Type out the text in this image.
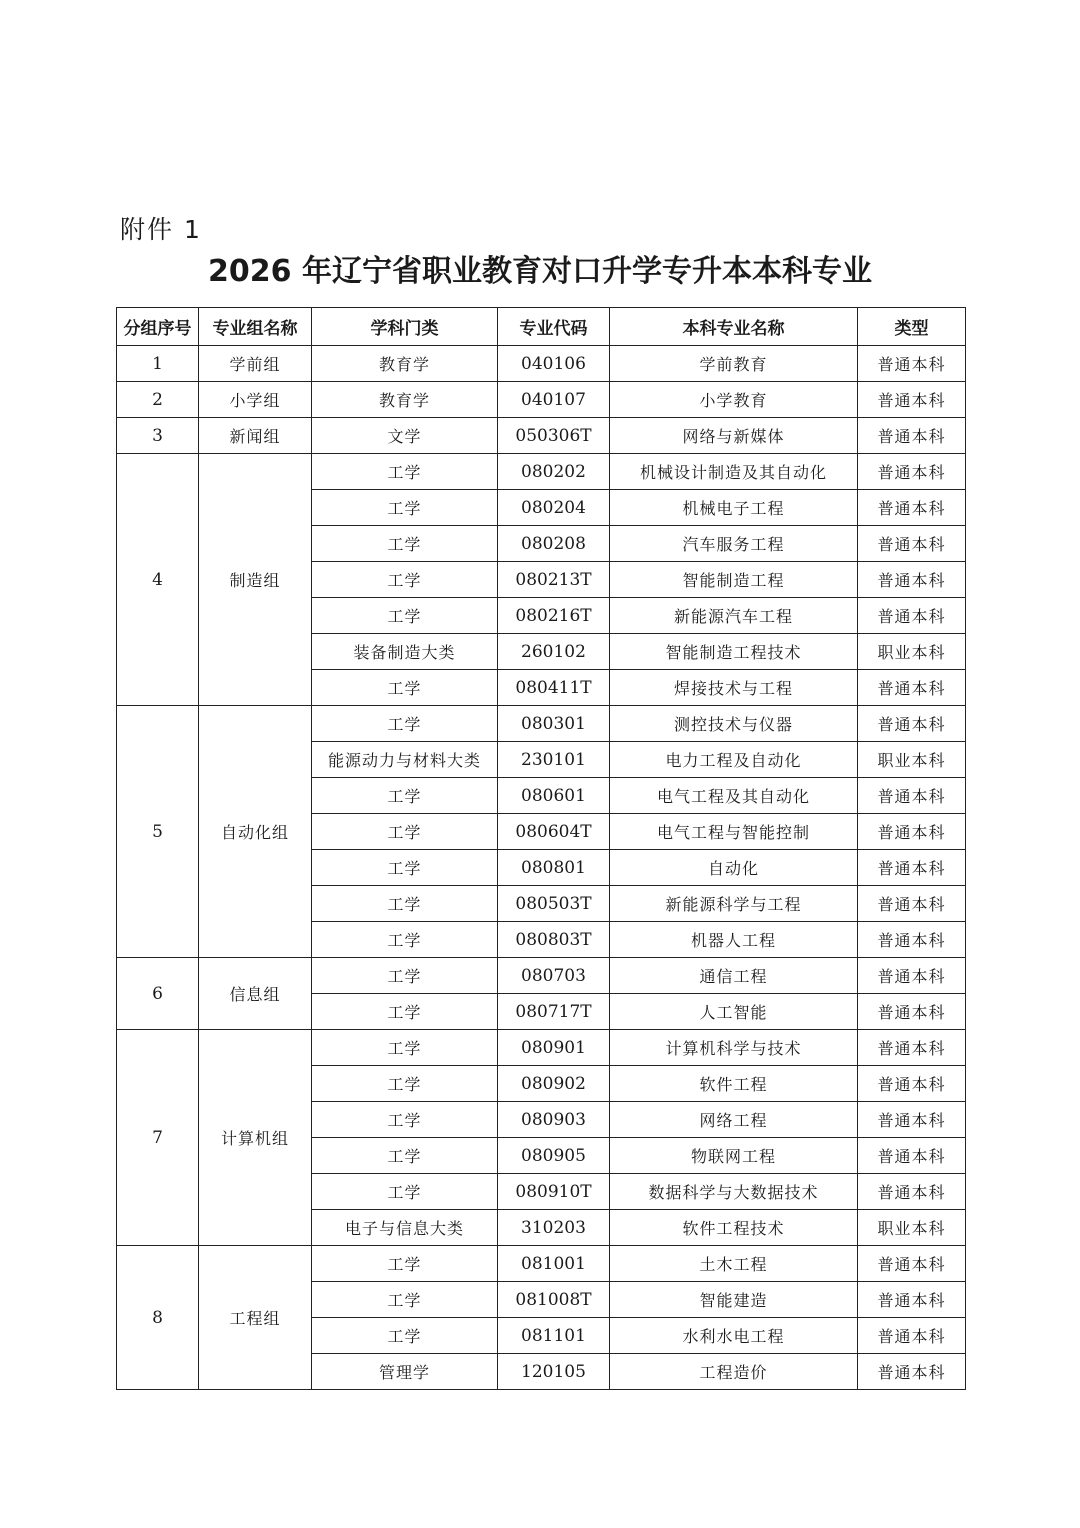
附件 1
2026 年辽宁省职业教育对口升学专升本本科专业
分组序号	专业组名称	学科门类	专业代码	本科专业名称	类型
1	学前组	教育学	040106	学前教育	普通本科
2	小学组	教育学	040107	小学教育	普通本科
3	新闻组	文学	050306T	网络与新媒体	普通本科
4	制造组	工学	080202	机械设计制造及其自动化	普通本科
		工学	080204	机械电子工程	普通本科
		工学	080208	汽车服务工程	普通本科
		工学	080213T	智能制造工程	普通本科
		工学	080216T	新能源汽车工程	普通本科
		装备制造大类	260102	智能制造工程技术	职业本科
		工学	080411T	焊接技术与工程	普通本科
5	自动化组	工学	080301	测控技术与仪器	普通本科
		能源动力与材料大类	230101	电力工程及自动化	职业本科
		工学	080601	电气工程及其自动化	普通本科
		工学	080604T	电气工程与智能控制	普通本科
		工学	080801	自动化	普通本科
		工学	080503T	新能源科学与工程	普通本科
		工学	080803T	机器人工程	普通本科
6	信息组	工学	080703	通信工程	普通本科
		工学	080717T	人工智能	普通本科
7	计算机组	工学	080901	计算机科学与技术	普通本科
		工学	080902	软件工程	普通本科
		工学	080903	网络工程	普通本科
		工学	080905	物联网工程	普通本科
		工学	080910T	数据科学与大数据技术	普通本科
		电子与信息大类	310203	软件工程技术	职业本科
8	工程组	工学	081001	土木工程	普通本科
		工学	081008T	智能建造	普通本科
		工学	081101	水利水电工程	普通本科
		管理学	120105	工程造价	普通本科
